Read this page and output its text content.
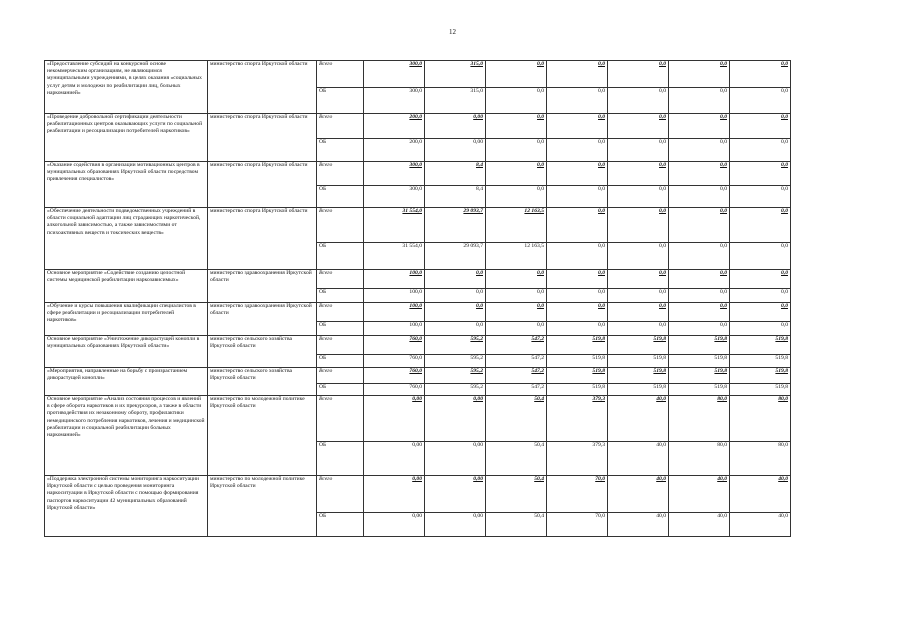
12
«Предоставление субсидий на конкурсной основе некоммерческим организациям, не являющимся муниципальными учреждениями, в целях оказания «социальных услуг детям и молодежи по реабилитации лиц, больных наркоманией»	министерство спорта Иркутской области	Всего	300,0	315,0	0,0	0,0	0,0	0,0	0,0
		ОБ	300,0	315,0	0,0	0,0	0,0	0,0	0,0
«Проведение добровольной сертификации деятельности реабилитационных центров оказывающих услуги по социальной реабилитации и ресоциализации потребителей наркотиков»	министерство спорта Иркутской области	Всего	200,0	0,00	0,0	0,0	0,0	0,0	0,0
		ОБ	200,0	0,00	0,0	0,0	0,0	0,0	0,0
«Оказание содействия в организации мотивационных центров в муниципальных образованиях Иркутской области посредством привлечения специалистов»	министерство спорта Иркутской области	Всего	300,0	8,4	0,0	0,0	0,0	0,0	0,0
		ОБ	300,0	8,4	0,0	0,0	0,0	0,0	0,0
«Обеспечение деятельности подведомственных учреждений в области социальной адаптации лиц страдающих наркотической, алкогольной зависимостью, а также зависимостями от психоактивных веществ и токсических веществ»	министерство спорта Иркутской области	Всего	31 554,0	29 093,7	12 163,5	0,0	0,0	0,0	0,0
		ОБ	31 554,0	29 093,7	12 163,5	0,0	0,0	0,0	0,0
Основное мероприятие «Содействие созданию целостной системы медицинской реабилитации наркозависимых»	министерство здравоохранения Иркутской области	Всего	100,0	0,0	0,0	0,0	0,0	0,0	0,0
		ОБ	100,0	0,0	0,0	0,0	0,0	0,0	0,0
«Обучение и курсы повышения квалификации специалистов в сфере реабилитации и ресоциализации потребителей наркотиков»	министерство здравоохранения Иркутской области	Всего	100,0	0,0	0,0	0,0	0,0	0,0	0,0
		ОБ	100,0	0,0	0,0	0,0	0,0	0,0	0,0
Основное мероприятие «Уничтожение дикорастущей конопли в муниципальных образованиях Иркутской области»	министерство сельского хозяйства Иркутской области	Всего	760,0	595,2	547,2	519,8	519,8	519,8	519,8
		ОБ	760,0	595,2	547,2	519,8	519,8	519,8	519,8
«Мероприятия, направленные на борьбу с произрастанием дикорастущей конопли»	министерство сельского хозяйства Иркутской области	Всего	760,0	595,2	547,2	519,8	519,8	519,8	519,8
		ОБ	760,0	595,2	547,2	519,8	519,8	519,8	519,8
Основное мероприятие «Анализ состояния процессов и явлений в сфере оборота наркотиков и их прекурсоров, а также в области противодействия их незаконному обороту, профилактики немедицинского потребления наркотиков, лечения и медицинской реабилитации и социальной реабилитации больных наркоманией»	министерство по молодежной политике Иркутской области	Всего	0,00	0,00	50,4	379,3	40,0	80,0	80,0
		ОБ	0,00	0,00	50,4	379,3	40,0	80,0	80,0
«Поддержка электронной системы мониторинга наркоситуации Иркутской области с целью проведения мониторинга наркоситуации в Иркутской области с помощью формирования паспортов наркоситуации 42 муниципальных образований Иркутской области»	министерство по молодежной политике Иркутской области	Всего	0,00	0,00	50,4	70,0	40,0	40,0	40,0
		ОБ	0,00	0,00	50,4	70,0	40,0	40,0	40,0
